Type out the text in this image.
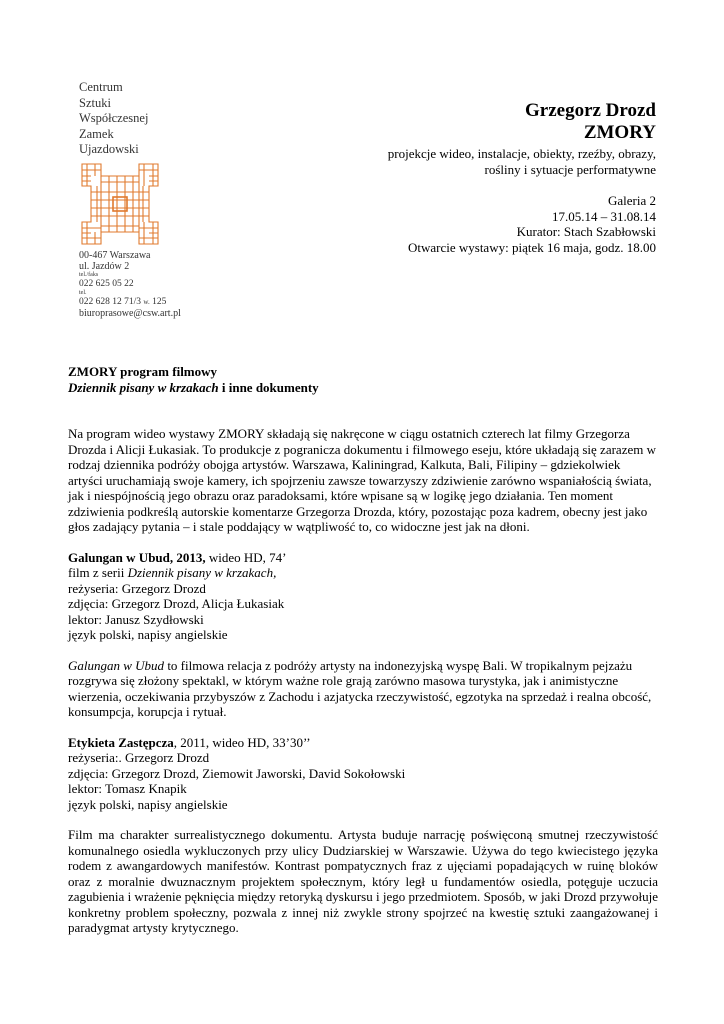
Centrum
Sztuki
Współczesnej
Zamek
Ujazdowski
00-467 Warszawa
ul. Jazdów 2
tel./faks
022 625 05 22
tel.
022 628 12 71/3 w. 125
biuroprasowe@csw.art.pl
Grzegorz Drozd
ZMORY
projekcje wideo, instalacje, obiekty, rzeźby, obrazy,
rośliny i sytuacje performatywne
Galeria 2
17.05.14 – 31.08.14
Kurator: Stach Szabłowski
Otwarcie wystawy: piątek 16 maja, godz. 18.00

ZMORY program filmowy

Dziennik pisany w krzakach i inne dokumenty

Na program wideo wystawy ZMORY składają się nakręcone w ciągu ostatnich czterech lat filmy Grzegorza Drozda i Alicji Łukasiak. To produkcje z pogranicza dokumentu i filmowego eseju, które układają się zarazem w rodzaj dziennika podróży obojga artystów. Warszawa, Kaliningrad, Kalkuta, Bali, Filipiny – gdziekolwiek artyści uruchamiają swoje kamery, ich spojrzeniu zawsze towarzyszy zdziwienie zarówno wspaniałością świata, jak i niespójnością jego obrazu oraz paradoksami, które wpisane są w logikę jego działania. Ten moment zdziwienia podkreślą autorskie komentarze Grzegorza Drozda, który, pozostając poza kadrem, obecny jest jako głos zadający pytania – i stale poddający w wątpliwość to, co widoczne jest jak na dłoni.

Galungan w Ubud, 2013, wideo HD, 74’

film z serii Dziennik pisany w krzakach,

reżyseria: Grzegorz Drozd

zdjęcia: Grzegorz Drozd, Alicja Łukasiak

lektor: Janusz Szydłowski

język polski, napisy angielskie

Galungan w Ubud to filmowa relacja z podróży artysty na indonezyjską wyspę Bali. W tropikalnym pejzażu rozgrywa się złożony spektakl, w którym ważne role grają zarówno masowa turystyka, jak i animistyczne wierzenia, oczekiwania przybyszów z Zachodu i azjatycka rzeczywistość, egzotyka na sprzedaż i realna obcość, konsumpcja, korupcja i rytuał.

Etykieta Zastępcza, 2011, wideo HD, 33’30’’

reżyseria:. Grzegorz Drozd

zdjęcia: Grzegorz Drozd, Ziemowit Jaworski, David Sokołowski

lektor: Tomasz Knapik

język polski, napisy angielskie

Film ma charakter surrealistycznego dokumentu. Artysta buduje narrację poświęconą smutnej rzeczywistość komunalnego osiedla wykluczonych przy ulicy Dudziarskiej w Warszawie. Używa do tego kwiecistego języka rodem z awangardowych manifestów. Kontrast pompatycznych fraz z ujęciami popadających w ruinę bloków oraz z moralnie dwuznacznym projektem społecznym, który legł u fundamentów osiedla, potęguje uczucia zagubienia i wrażenie pęknięcia między retoryką dyskursu i jego przedmiotem. Sposób, w jaki Drozd przywołuje konkretny problem społeczny, pozwala z innej niż zwykle strony spojrzeć na kwestię sztuki zaangażowanej i paradygmat artysty krytycznego.
